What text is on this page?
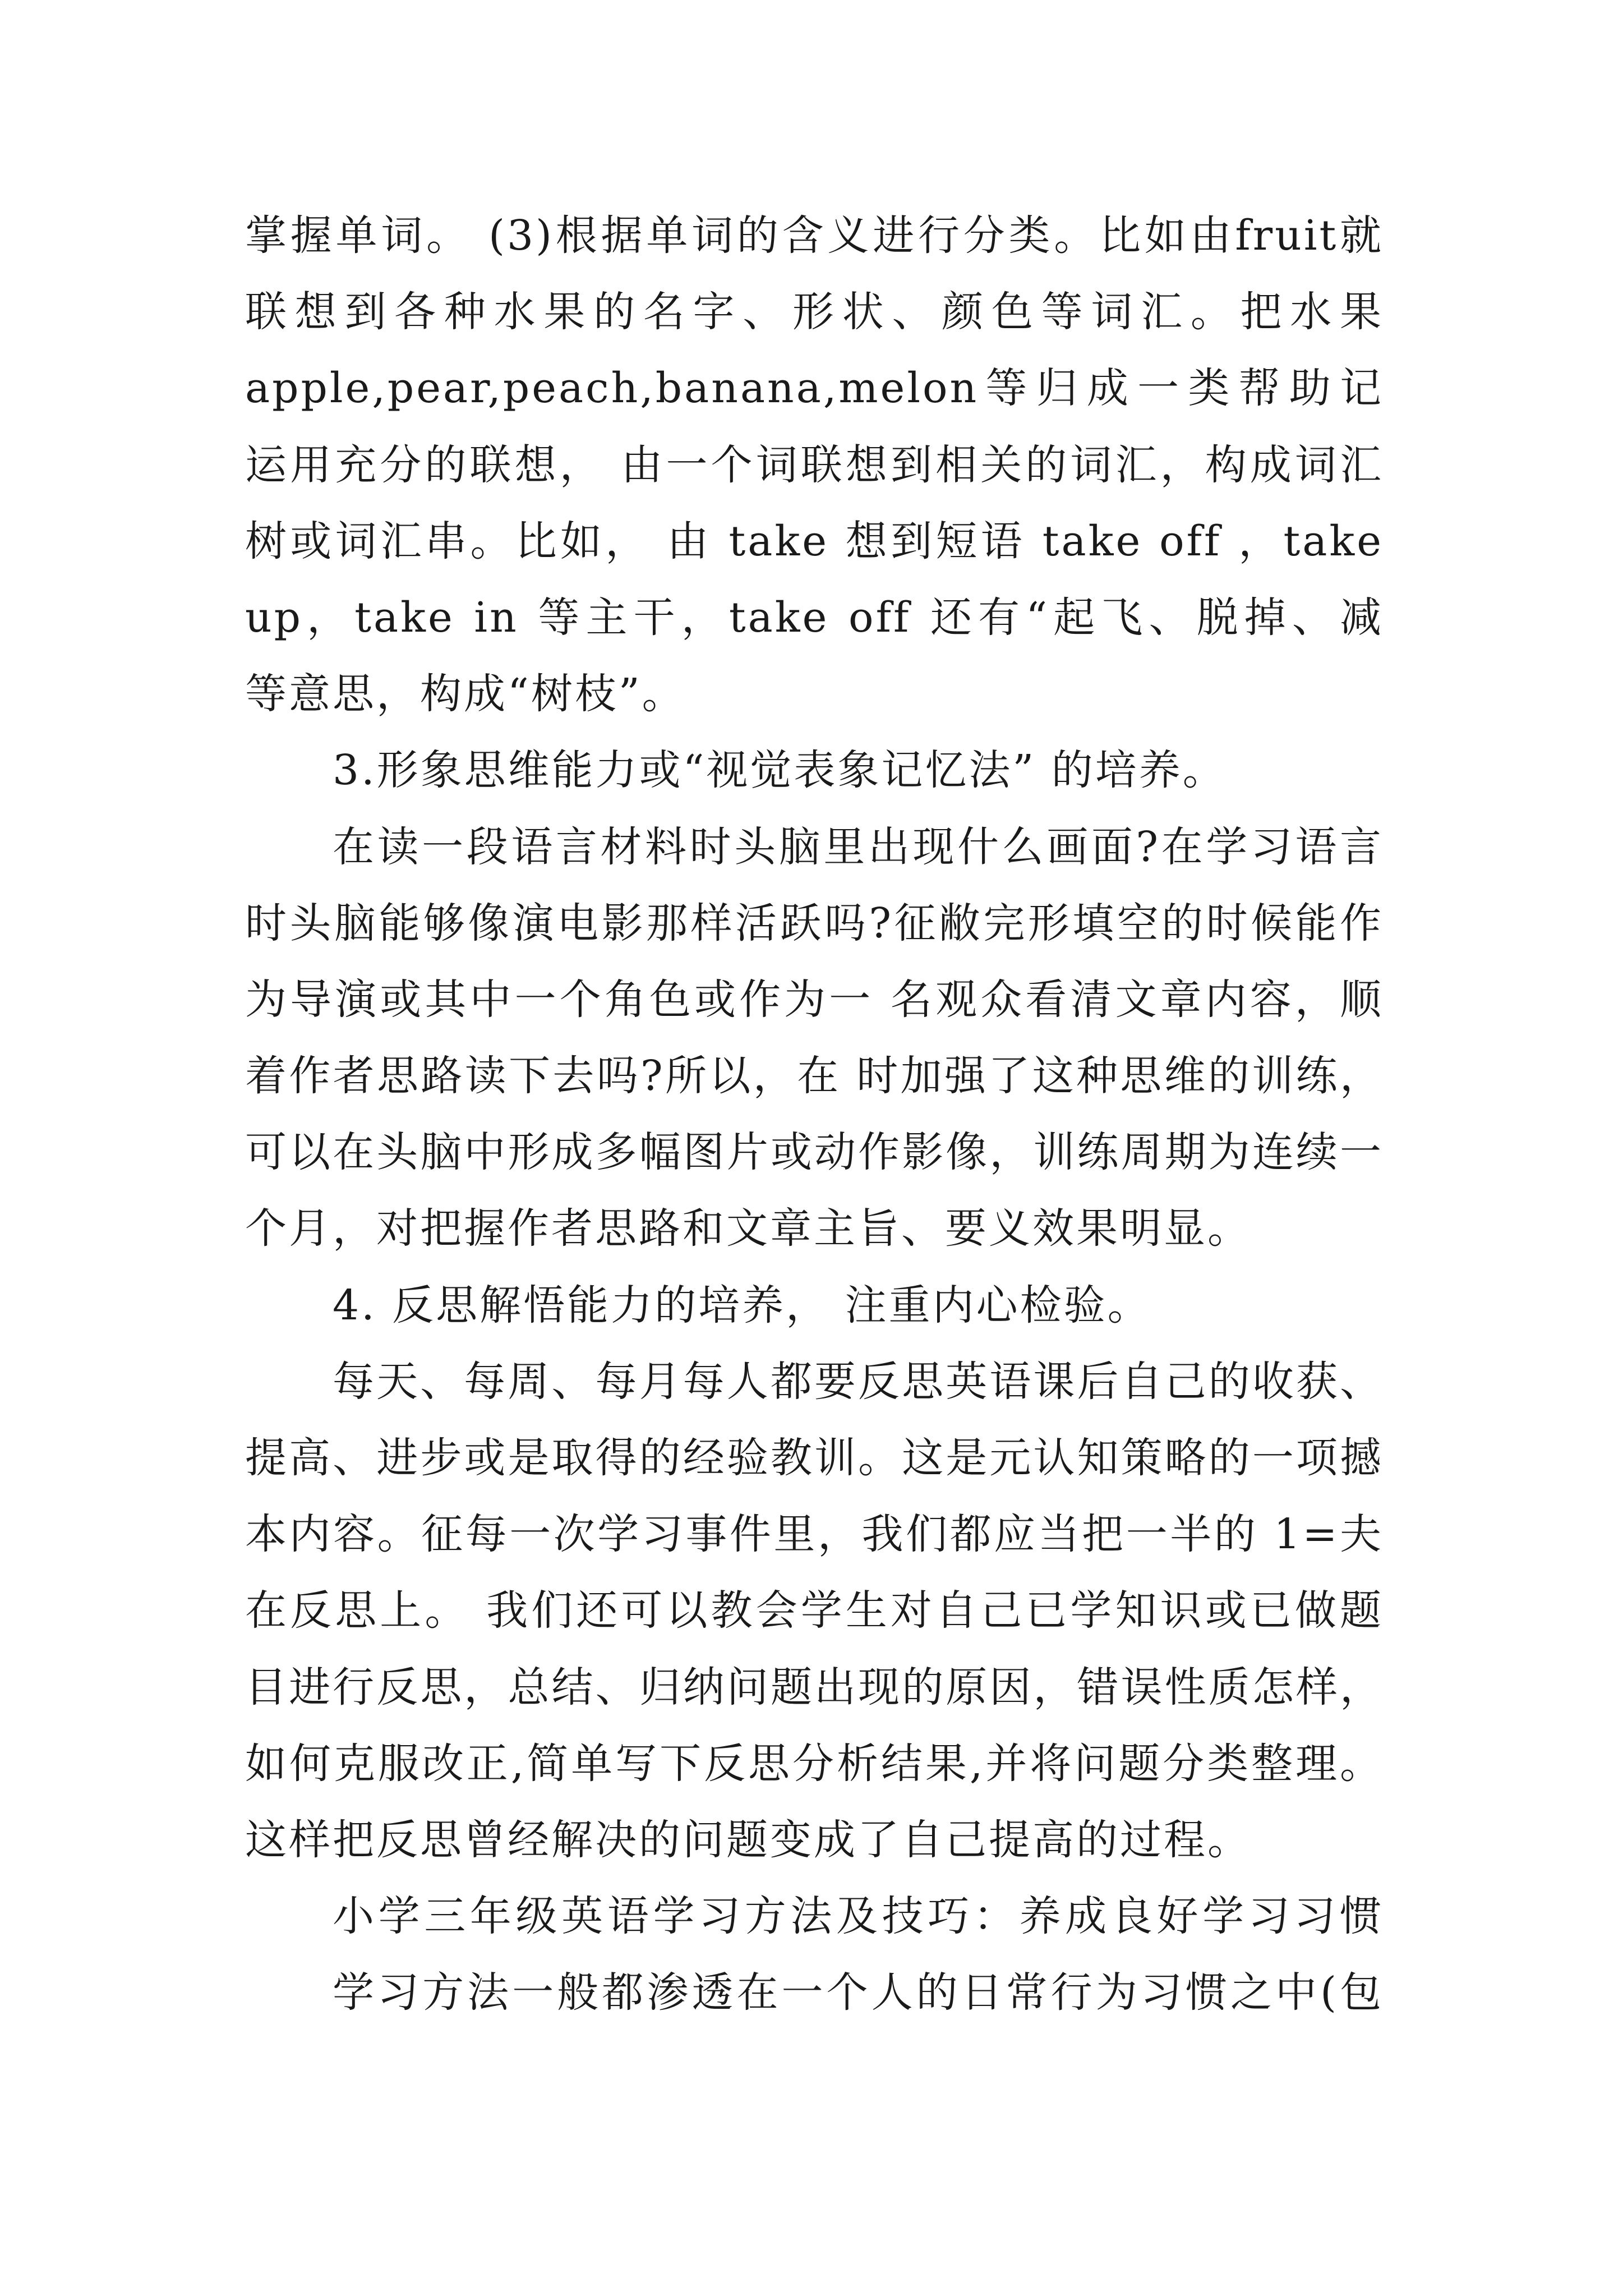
掌握单词。 (3)根据单词的含义进行分类。比如由fruit就
联想到各种水果的名字、形状、颜色等词汇。把水果
apple,pear,peach,banana,melon等归成一类帮助记
运用充分的联想， 由一个词联想到相关的词汇，构成词汇
树或词汇串。比如， 由 take 想到短语 take off ，take
up，take in 等主干，take off 还有“起飞、脱掉、减
等意思，构成“树枝”。
3.形象思维能力或“视觉表象记忆法” 的培养。
在读一段语言材料时头脑里出现什么画面?在学习语言
时头脑能够像演电影那样活跃吗?征敝完形填空的时候能作
为导演或其中一个角色或作为一 名观众看清文章内容，顺
着作者思路读下去吗?所以，在 时加强了这种思维的训练，
可以在头脑中形成多幅图片或动作影像，训练周期为连续一
个月，对把握作者思路和文章主旨、要义效果明显。
4. 反思解悟能力的培养， 注重内心检验。
每天、每周、每月每人都要反思英语课后自己的收获、
提高、进步或是取得的经验教训。这是元认知策略的一项撼
本内容。征每一次学习事件里，我们都应当把一半的 1=夫
在反思上。 我们还可以教会学生对自己已学知识或已做题
目进行反思，总结、归纳问题出现的原因，错误性质怎样，
如何克服改正,简单写下反思分析结果,并将问题分类整理。
这样把反思曾经解决的问题变成了自己提高的过程。
小学三年级英语学习方法及技巧：养成良好学习习惯
学习方法一般都渗透在一个人的日常行为习惯之中(包
